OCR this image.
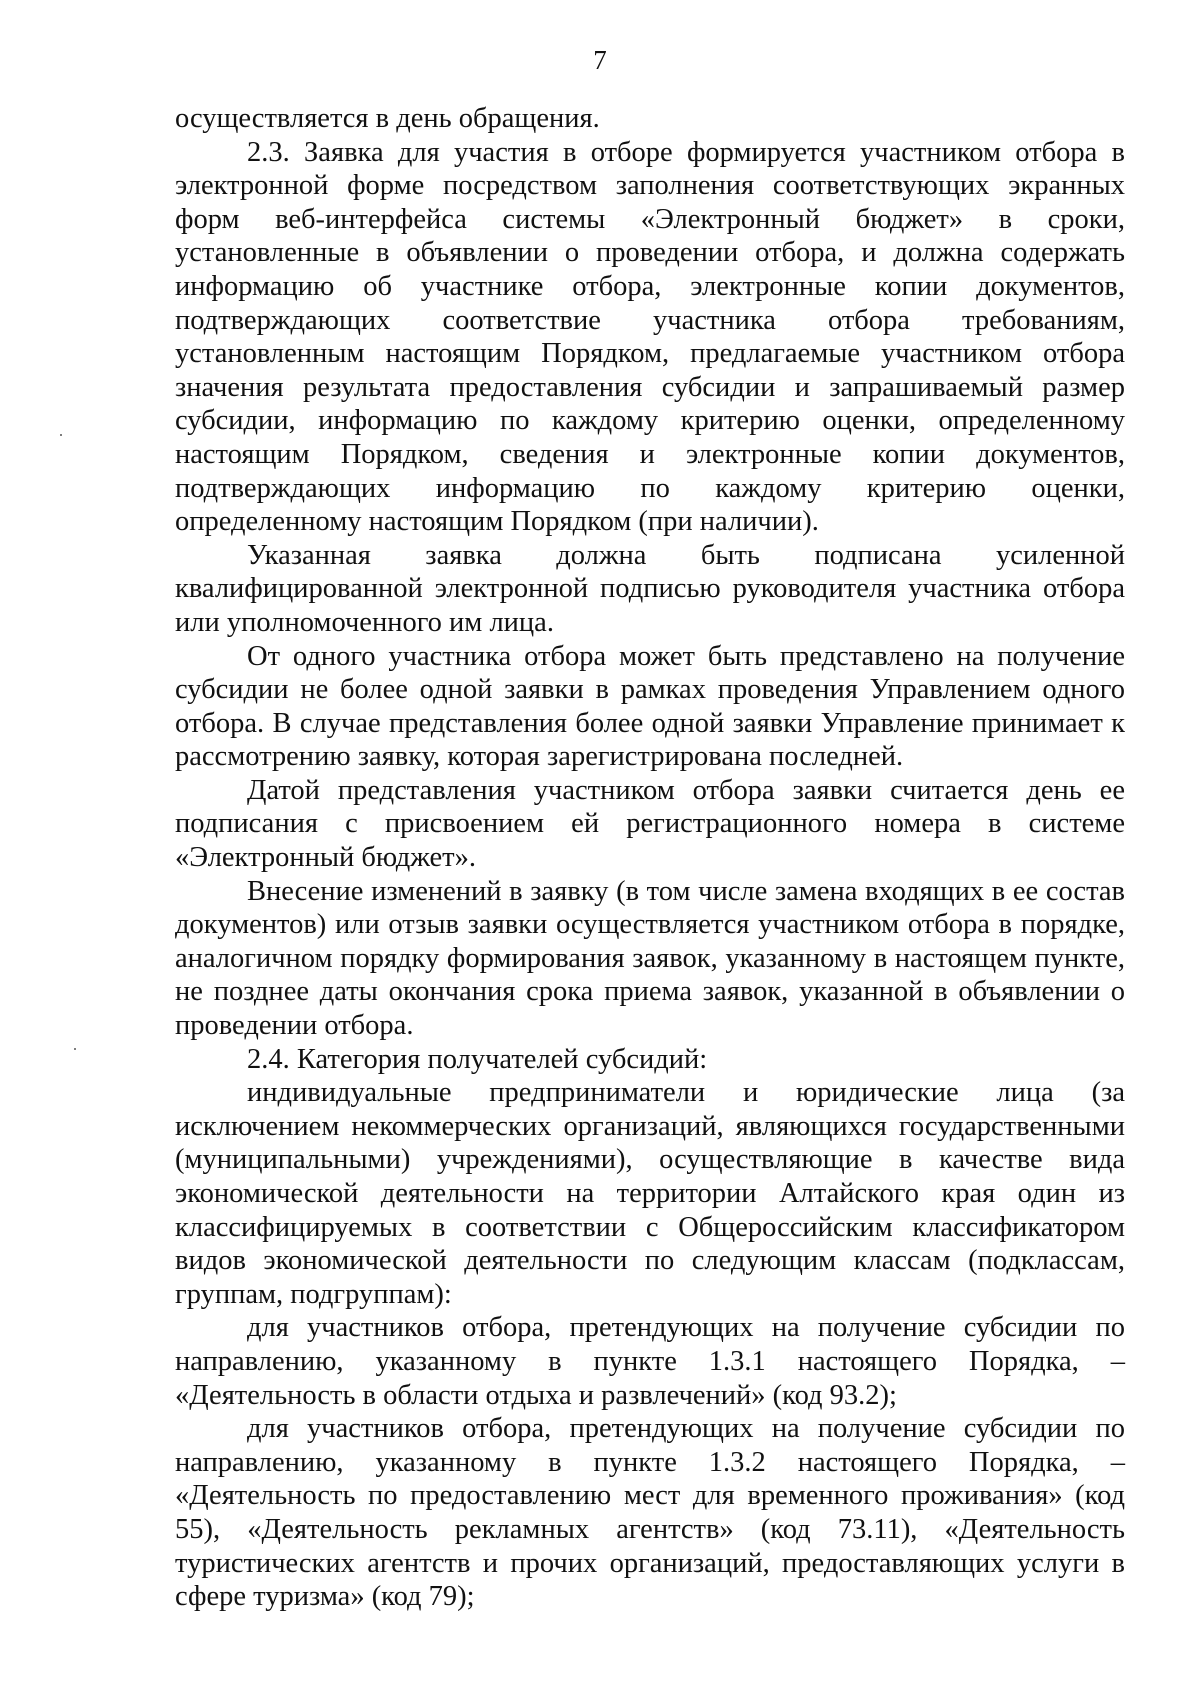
7

осуществляется в день обращения.

2.3. Заявка для участия в отборе формируется участником отбора в электронной форме посредством заполнения соответствующих экранных форм веб-интерфейса системы «Электронный бюджет» в сроки, установленные в объявлении о проведении отбора, и должна содержать информацию об участнике отбора, электронные копии документов, подтверждающих соответствие участника отбора требованиям, установленным настоящим Порядком, предлагаемые участником отбора значения результата предоставления субсидии и запрашиваемый размер субсидии, информацию по каждому критерию оценки, определенному настоящим Порядком, сведения и электронные копии документов, подтверждающих информацию по каждому критерию оценки, определенному настоящим Порядком (при наличии).

Указанная заявка должна быть подписана усиленной квалифицированной электронной подписью руководителя участника отбора или уполномоченного им лица.

От одного участника отбора может быть представлено на получение субсидии не более одной заявки в рамках проведения Управлением одного отбора. В случае представления более одной заявки Управление принимает к рассмотрению заявку, которая зарегистрирована последней.

Датой представления участником отбора заявки считается день ее подписания с присвоением ей регистрационного номера в системе «Электронный бюджет».

Внесение изменений в заявку (в том числе замена входящих в ее состав документов) или отзыв заявки осуществляется участником отбора в порядке, аналогичном порядку формирования заявок, указанному в настоящем пункте, не позднее даты окончания срока приема заявок, указанной в объявлении о проведении отбора.

2.4. Категория получателей субсидий:

индивидуальные предприниматели и юридические лица (за исключением некоммерческих организаций, являющихся государственными (муниципальными) учреждениями), осуществляющие в качестве вида экономической деятельности на территории Алтайского края один из классифицируемых в соответствии с Общероссийским классификатором видов экономической деятельности по следующим классам (подклассам, группам, подгруппам):

для участников отбора, претендующих на получение субсидии по направлению, указанному в пункте 1.3.1 настоящего Порядка, – «Деятельность в области отдыха и развлечений» (код 93.2);

для участников отбора, претендующих на получение субсидии по направлению, указанному в пункте 1.3.2 настоящего Порядка, – «Деятельность по предоставлению мест для временного проживания» (код 55), «Деятельность рекламных агентств» (код 73.11), «Деятельность туристических агентств и прочих организаций, предоставляющих услуги в сфере туризма» (код 79);
